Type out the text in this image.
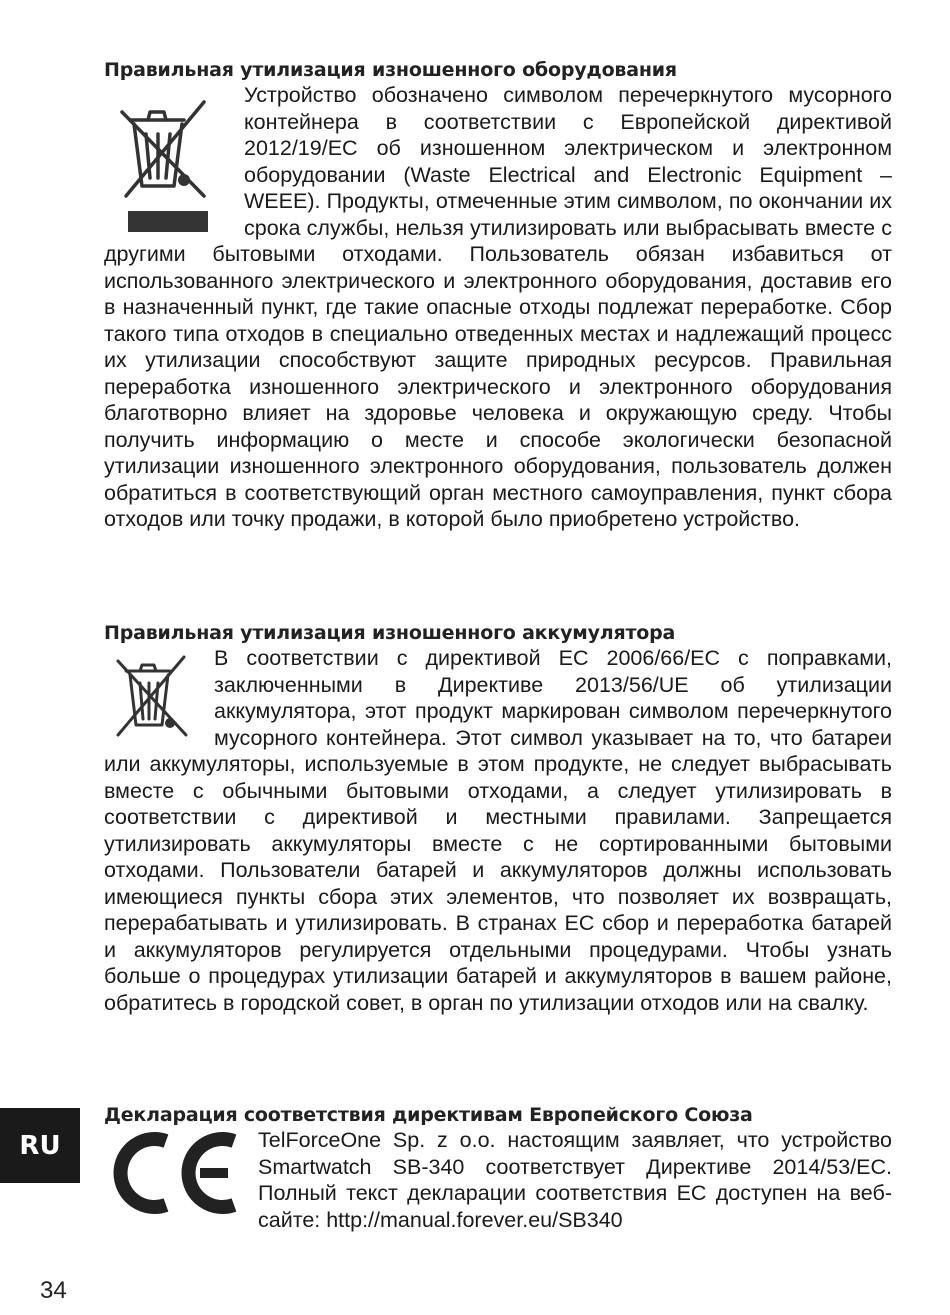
Правильная утилизация изношенного оборудования

Устройство обозначено символом перечеркнутого мусорного контейнера в соответствии с Европейской директивой 2012/19/EC об изношенном электрическом и электронном оборудовании (Waste Electrical and Electronic Equipment – WEEE). Продукты, отмеченные этим символом, по окончании их срока службы, нельзя утилизировать или выбрасывать вместе с другими бытовыми отходами. Пользователь обязан избавиться от использованного электрического и электронного оборудования, доставив его в назначенный пункт, где такие опасные отходы подлежат переработке. Сбор такого типа отходов в специально отведенных местах и надлежащий процесс их утилизации способствуют защите природных ресурсов. Правильная переработка изношенного электрического и электронного оборудования благотворно влияет на здоровье человека и окружающую среду. Чтобы получить информацию о месте и способе экологически безопасной утилизации изношенного электронного оборудования, пользователь должен обратиться в соответствующий орган местного самоуправления, пункт сбора отходов или точку продажи, в которой было приобретено устройство.

Правильная утилизация изношенного аккумулятора

В соответствии с директивой ЕС 2006/66/EC с поправками, заключенными в Директиве 2013/56/UE об утилизации аккумулятора, этот продукт маркирован символом перечеркнутого мусорного контейнера. Этот символ указывает на то, что батареи или аккумуляторы, используемые в этом продукте, не следует выбрасывать вместе с обычными бытовыми отходами, а следует утилизировать в соответствии с директивой и местными правилами. Запрещается утилизировать аккумуляторы вместе с не сортированными бытовыми отходами. Пользователи батарей и аккумуляторов должны использовать имеющиеся пункты сбора этих элементов, что позволяет их возвращать, перерабатывать и утилизировать. В странах ЕС сбор и переработка батарей и аккумуляторов регулируется отдельными процедурами. Чтобы узнать больше о процедурах утилизации батарей и аккумуляторов в вашем районе, обратитесь в городской совет, в орган по утилизации отходов или на свалку.

Декларация соответствия директивам Европейского Союза

TelForceOne Sp. z o.o. настоящим заявляет, что устройство Smartwatch SB-340 соответствует Директиве 2014/53/EC. Полный текст декларации соответствия ЕС доступен на веб-сайте: http://manual.forever.eu/SB340

RU
34
